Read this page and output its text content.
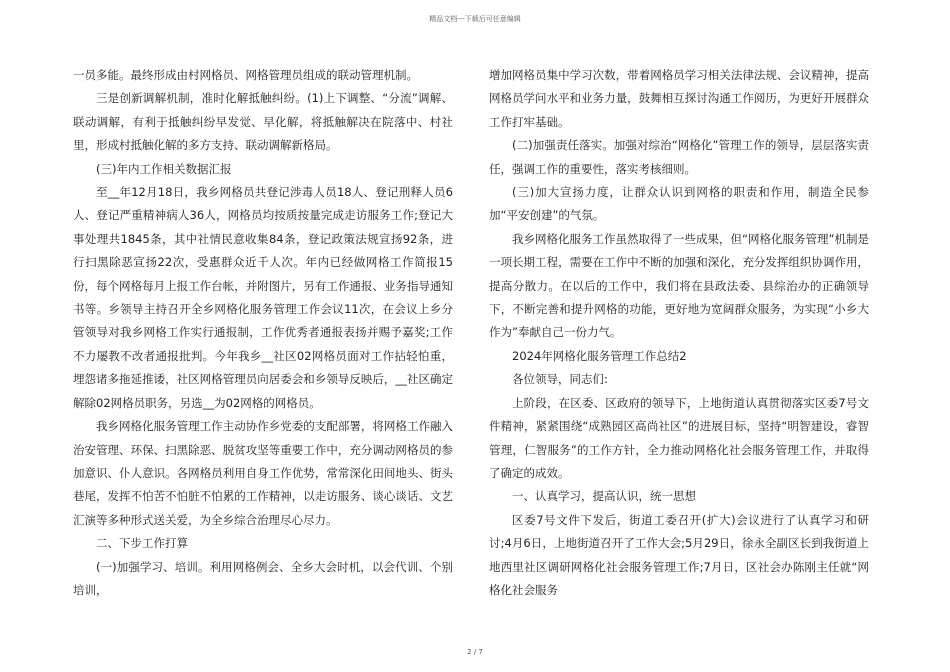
精品文档---下载后可任意编辑

一员多能。最终形成由村网格员、网格管理员组成的联动管理机制。

三是创新调解机制，准时化解抵触纠纷。(1)上下调整、“分流”调解、联动调解，有利于抵触纠纷早发觉、早化解，将抵触解决在院落中、村社里，形成村抵触化解的多方支持、联动调解新格局。

(三)年内工作相关数据汇报

至__年12月18日，我乡网格员共登记涉毒人员18人、登记刑释人员6人、登记严重精神病人36人，网格员均按质按量完成走访服务工作;登记大事处理共1845条，其中社情民意收集84条，登记政策法规宣扬92条，进行扫黑除恶宣扬22次，受惠群众近千人次。年内已经做网格工作简报15份，每个网格每月上报工作台帐，并附图片，另有工作通报、业务指导通知书等。乡领导主持召开全乡网格化服务管理工作会议11次，在会议上乡分管领导对我乡网格工作实行通报制，工作优秀者通报表扬并赐予嘉奖;工作不力屡教不改者通报批判。今年我乡__社区02网格员面对工作拈轻怕重，埋怨诸多拖延推诿，社区网格管理员向居委会和乡领导反映后，__社区确定解除02网格员职务，另选__为02网格的网格员。

我乡网格化服务管理工作主动协作乡党委的支配部署，将网格工作融入治安管理、环保、扫黑除恶、脱贫攻坚等重要工作中，充分调动网格员的参加意识、仆人意识。各网格员利用自身工作优势，常常深化田间地头、街头巷尾，发挥不怕苦不怕脏不怕累的工作精神，以走访服务、谈心谈话、文艺汇演等多种形式送关爱，为全乡综合治理尽心尽力。

二、下步工作打算

(一)加强学习、培训。利用网格例会、全乡大会时机，以会代训、个别培训，

增加网格员集中学习次数，带着网格员学习相关法律法规、会议精神，提高网格员学问水平和业务力量，鼓舞相互探讨沟通工作阅历，为更好开展群众工作打牢基础。

(二)加强责任落实。加强对综治“网格化”管理工作的领导，层层落实责任，强调工作的重要性，落实考核细则。

(三)加大宣扬力度，让群众认识到网格的职责和作用，制造全民参加“平安创建”的气氛。

我乡网格化服务工作虽然取得了一些成果，但“网格化服务管理”机制是一项长期工程，需要在工作中不断的加强和深化，充分发挥组织协调作用，提高分散力。在以后的工作中，我们将在县政法委、县综治办的正确领导下，不断完善和提升网格的功能，更好地为宽阔群众服务，为实现“小乡大作为”奉献自己一份力气。

2024年网格化服务管理工作总结2

各位领导，同志们:

上阶段，在区委、区政府的领导下，上地街道认真贯彻落实区委7号文件精神，紧紧围绕“成熟园区高尚社区”的进展目标，坚持“明智建设，睿智管理，仁智服务”的工作方针，全力推动网格化社会服务管理工作，并取得了确定的成效。

一、认真学习，提高认识，统一思想

区委7号文件下发后，街道工委召开(扩大)会议进行了认真学习和研讨;4月6日，上地街道召开了工作大会;5月29日，徐永全副区长到我街道上地西里社区调研网格化社会服务管理工作;7月日，区社会办陈刚主任就“网格化社会服务

2 / 7
